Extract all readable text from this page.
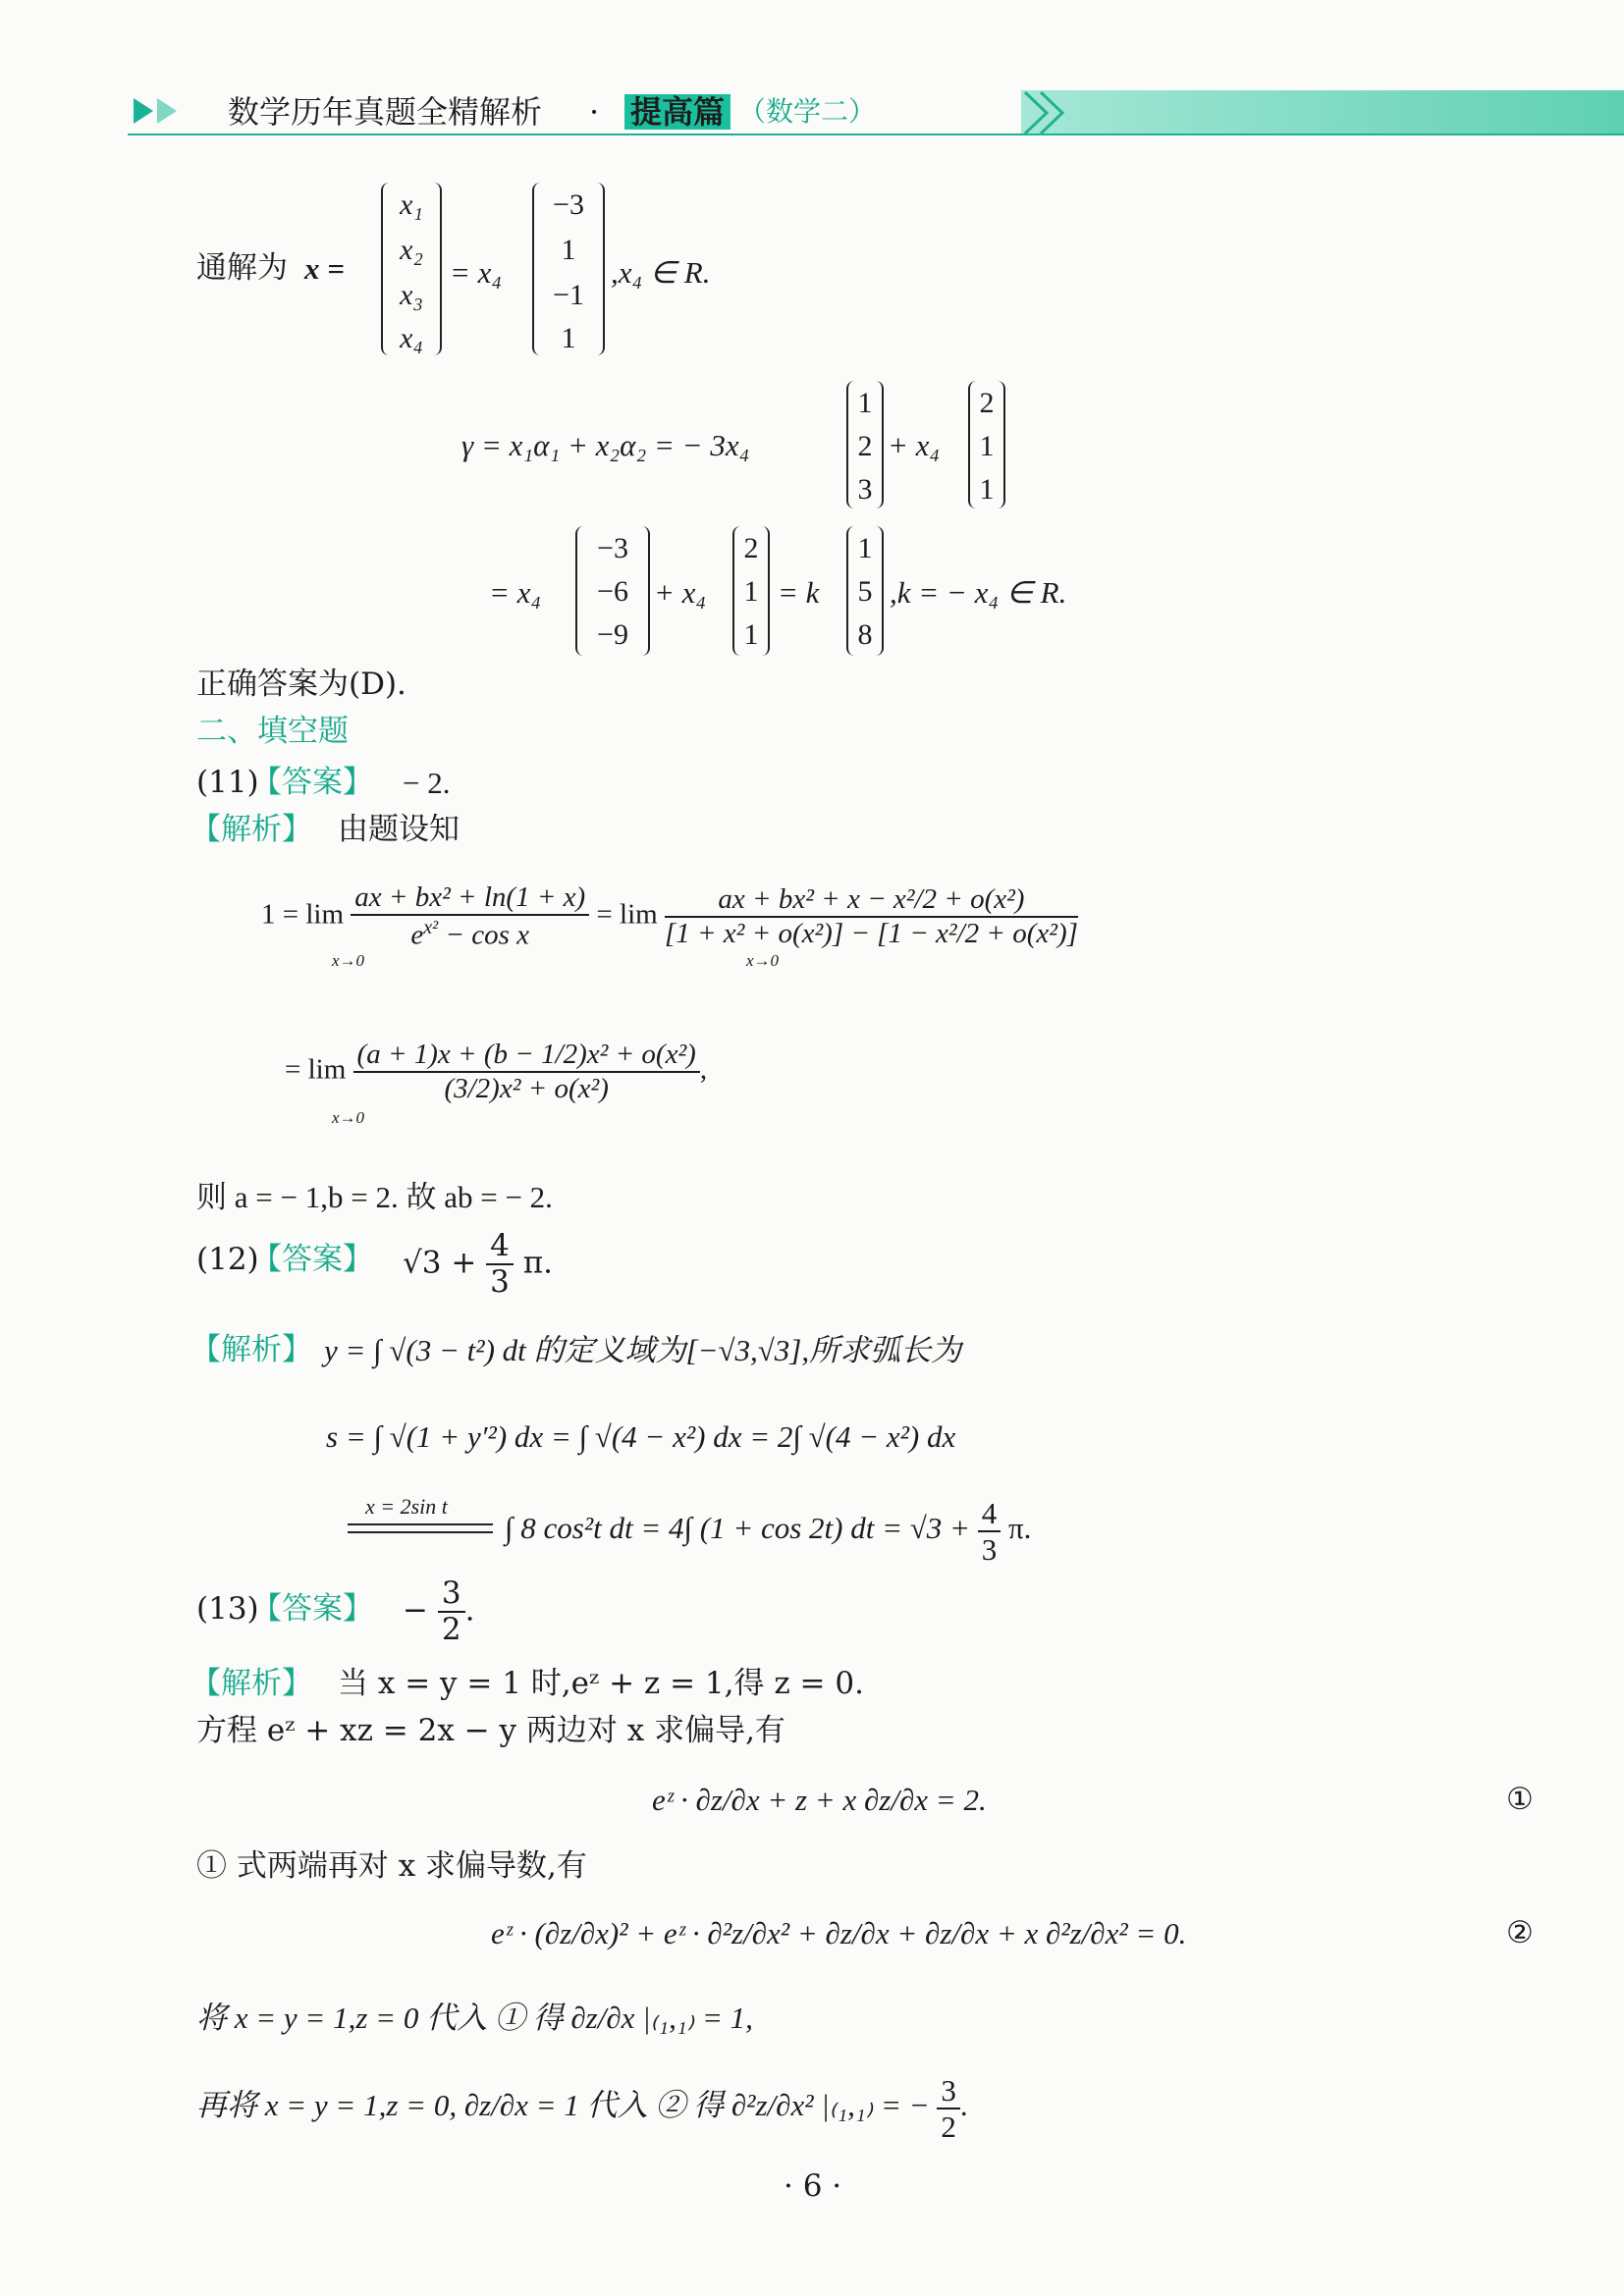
数学历年真题全精解析 · 提高篇 （数学二）
通解为 x =
x₁
x₂
x₃
x₄
= x₄
−3
1
−1
1
,x₄ ∈ R.
γ = x₁α₁ + x₂α₂ = − 3x₄
1
2
3
+ x₄
2
1
1
= x₄
−3
−6
−9
+ x₄
2
1
1
= k
1
5
8
,k = − x₄ ∈ R.
正确答案为(D).
二、填空题
(11)
【答案】 − 2.
【解析】 由题设知
$1 = \lim \frac{\text{ax + bx² + ln(1 + x)}}{e^{x^2} - \cos x} = \lim \frac{\text{ax + bx² + x − x²/2 + o(x²)}}{\text{[1 + x² + o(x²)] − [1 − x²/2 + o(x²)]}}$
x→0	x→0
= $\lim \frac{\text{(a + 1)x + (b − 1/2)x² + o(x²)}}{\text{(3/2)x² + o(x²)}}$ ,
x→0
则 a = − 1,b = 2. 故 ab = − 2.
(12)
【答案】 $√3 + \frac{4}{3} \pi$.
【解析】 y = ∫ √(3 − t²) dt 的定义域为[−√3,√3],所求弧长为
s = ∫ √(1 + y′²) dx = ∫ √(4 − x²) dx = 2∫ √(4 − x²) dx
x = 2sin t
∫ 8 cos²t dt = 4∫ (1 + cos 2t) dt = $√3 + \frac{4}{3} \pi$.
(13)
【答案】 − $\frac{3}{2}$ .
【解析】 当 x = y = 1 时,eᶻ + z = 1,得 z = 0.
方程 eᶻ + xz = 2x − y 两边对 x 求偏导,有
eᶻ · ∂z/∂x + z + x ∂z/∂x = 2.	①
① 式两端再对 x 求偏导数,有
eᶻ · (∂z/∂x)² + eᶻ · ∂²z/∂x² + ∂z/∂x + ∂z/∂x + x ∂²z/∂x² = 0.	②
将 x = y = 1,z = 0 代入 ① 得 ∂z/∂x |₍₁,₁₎ = 1,
再将 x = y = 1,z = 0, ∂z/∂x = 1 代入 ② 得 ∂²z/∂x² |₍₁,₁₎ = − $\frac{3}{2}$ .
· 6 ·
